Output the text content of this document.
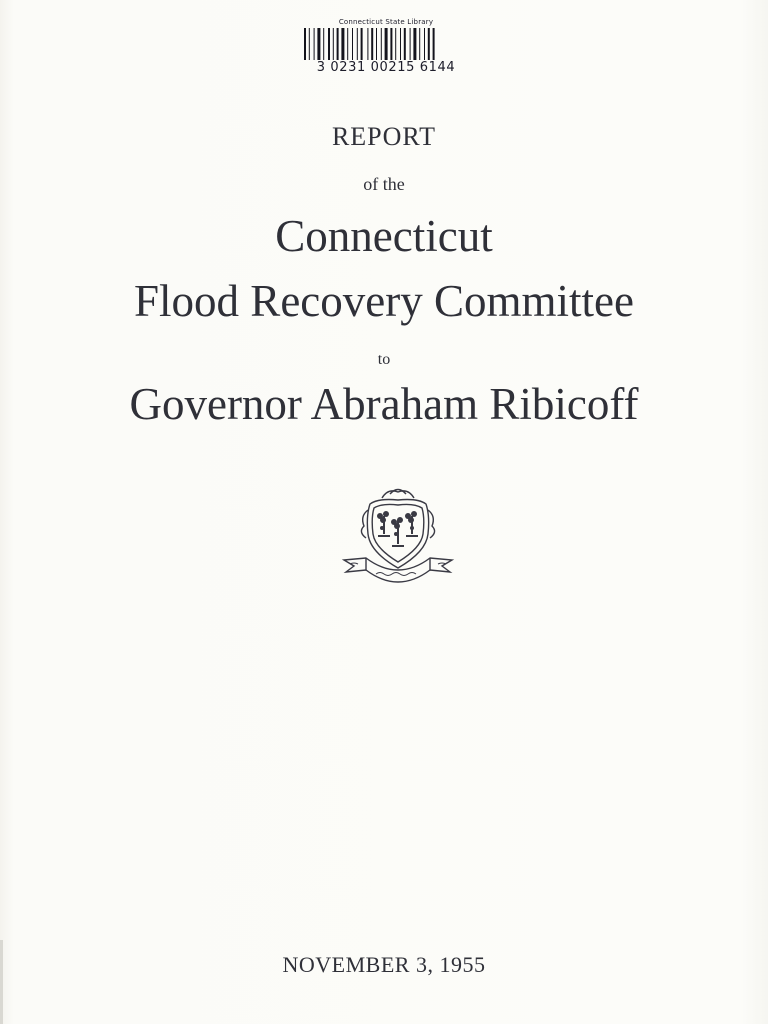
Connecticut State Library
3 0231 00215 6144
REPORT
of the
Connecticut
Flood Recovery Committee
to
Governor Abraham Ribicoff
NOVEMBER 3, 1955
